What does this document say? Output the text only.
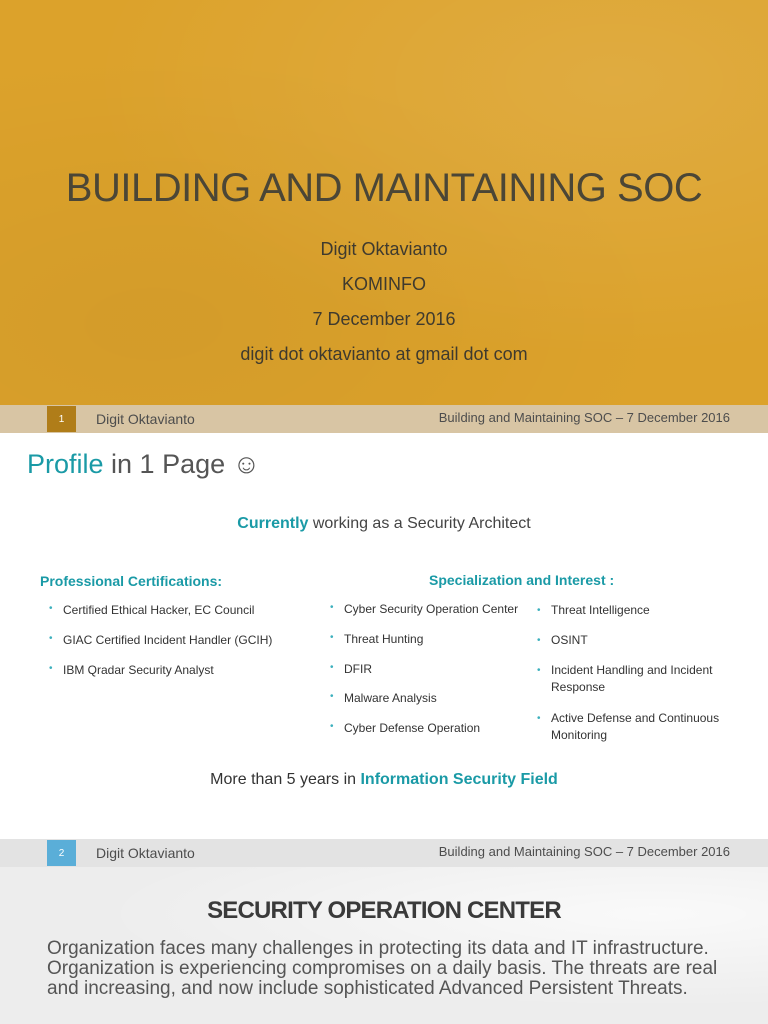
BUILDING AND MAINTAINING SOC
Digit Oktavianto
KOMINFO
7 December 2016
digit dot oktavianto at gmail dot com
1	Digit Oktavianto	Building and Maintaining SOC – 7 December 2016
Profile in 1 Page ☺
Currently working as a Security Architect
Professional Certifications:
• Certified Ethical Hacker, EC Council
• GIAC Certified Incident Handler (GCIH)
• IBM Qradar Security Analyst
Specialization and Interest :
• Cyber Security Operation Center
• Threat Hunting
• DFIR
• Malware Analysis
• Cyber Defense Operation
• Threat Intelligence
• OSINT
• Incident Handling and Incident Response
• Active Defense and Continuous Monitoring
More than 5 years in Information Security Field
2	Digit Oktavianto	Building and Maintaining SOC – 7 December 2016
SECURITY OPERATION CENTER
Organization faces many challenges in protecting its data and IT infrastructure. Organization is experiencing compromises on a daily basis. The threats are real and increasing, and now include sophisticated Advanced Persistent Threats.
